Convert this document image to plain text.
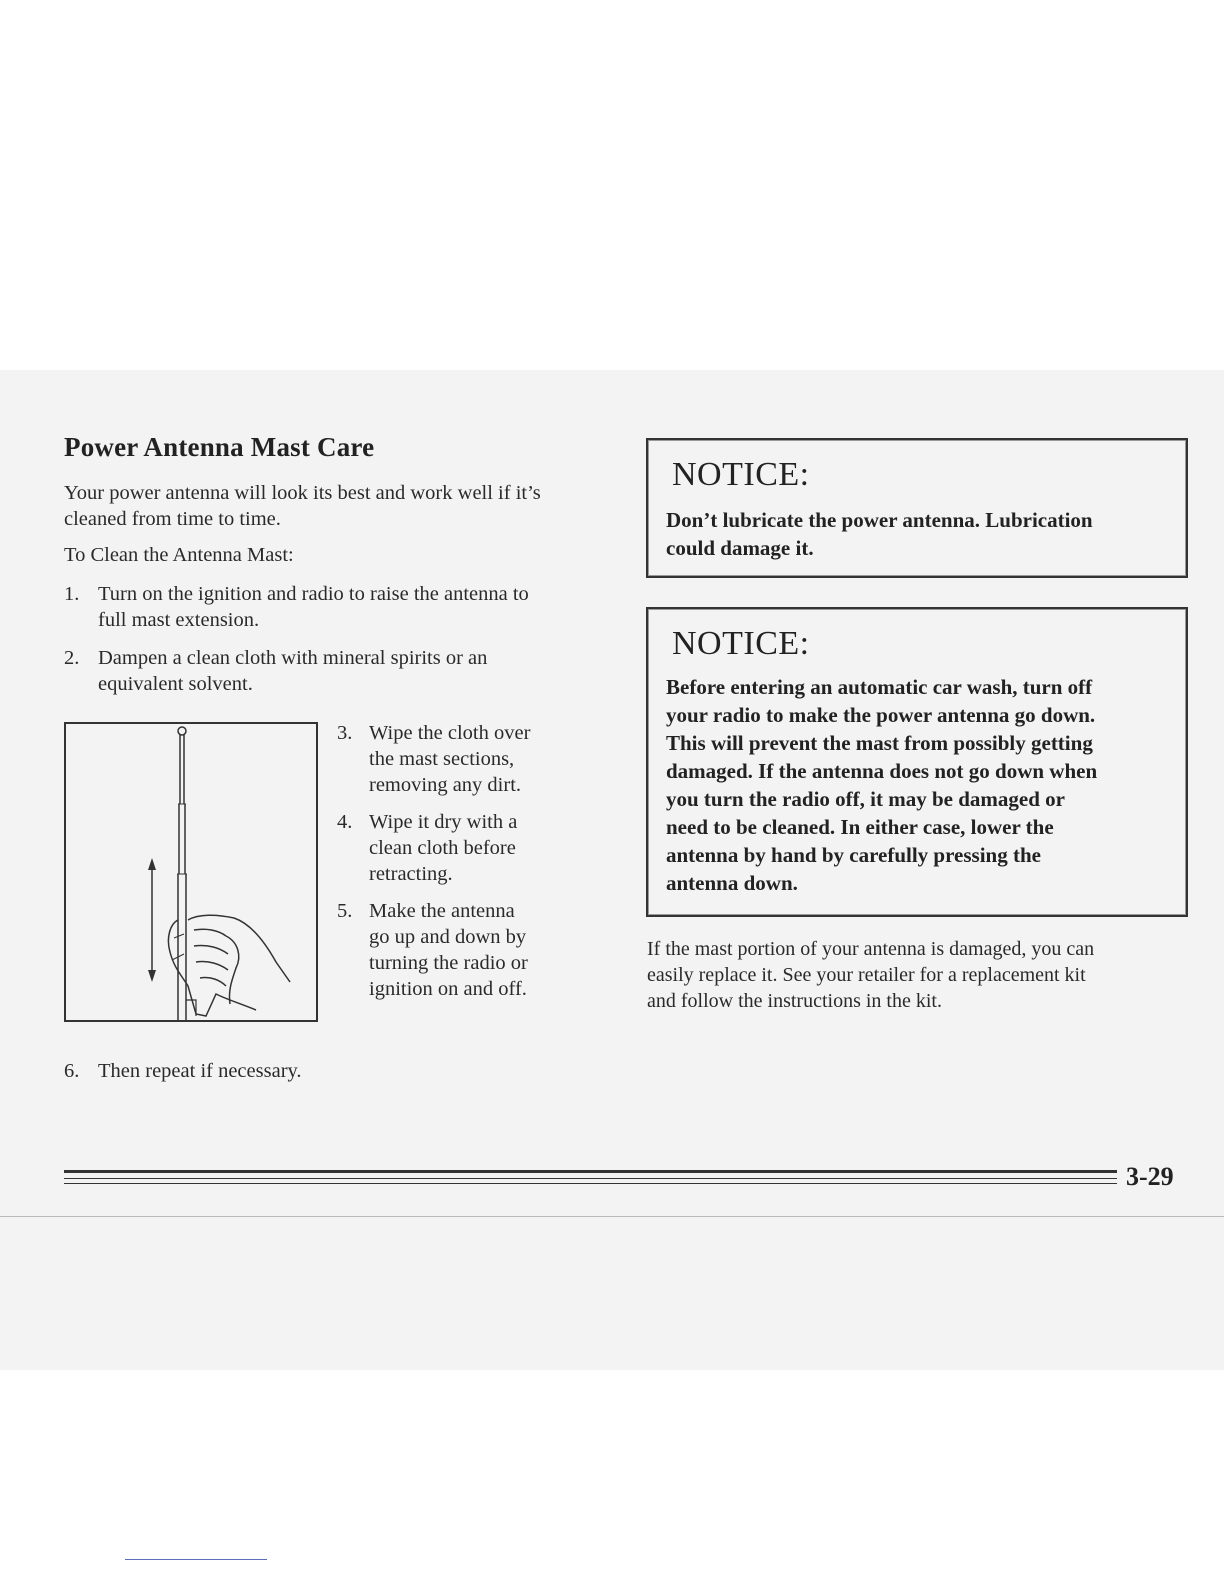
Power Antenna Mast Care
Your power antenna will look its best and work well if it’s cleaned from time to time.
To Clean the Antenna Mast:
1. Turn on the ignition and radio to raise the antenna to
full mast extension.
2. Dampen a clean cloth with mineral spirits or an
equivalent solvent.
3. Wipe the cloth over
the mast sections,
removing any dirt.
4. Wipe it dry with a
clean cloth before
retracting.
5. Make the antenna
go up and down by
turning the radio or
ignition on and off.
6. Then repeat if necessary.
NOTICE:
Don’t lubricate the power antenna. Lubrication
could damage it.
NOTICE:
Before entering an automatic car wash, turn off
your radio to make the power antenna go down.
This will prevent the mast from possibly getting
damaged. If the antenna does not go down when
you turn the radio off, it may be damaged or
need to be cleaned. In either case, lower the
antenna by hand by carefully pressing the
antenna down.
If the mast portion of your antenna is damaged, you can
easily replace it. See your retailer for a replacement kit
and follow the instructions in the kit.
3-29
